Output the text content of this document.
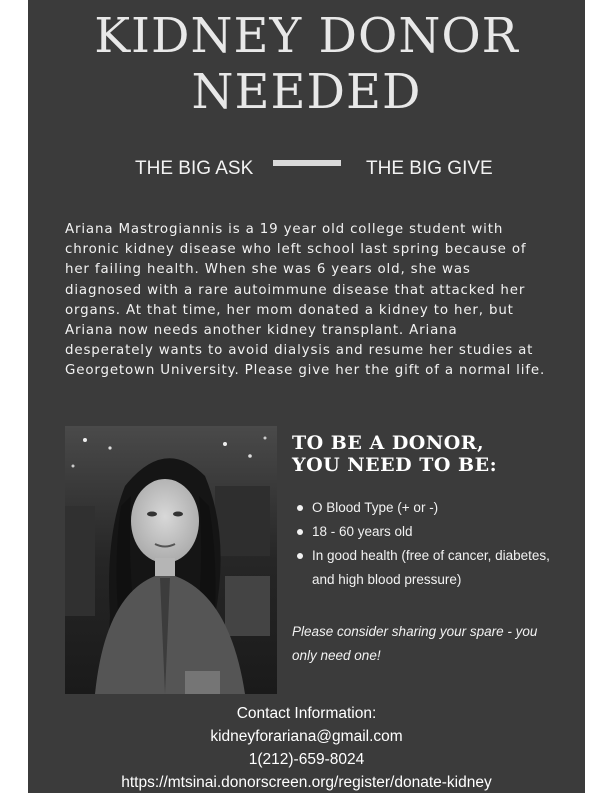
KIDNEY DONOR
NEEDED
THE BIG ASK	THE BIG GIVE

Ariana Mastrogiannis is a 19 year old college student with chronic kidney disease who left school last spring because of her failing health. When she was 6 years old, she was diagnosed with a rare autoimmune disease that attacked her organs. At that time, her mom donated a kidney to her, but Ariana now needs another kidney transplant. Ariana desperately wants to avoid dialysis and resume her studies at Georgetown University. Please give her the gift of a normal life.

TO BE A DONOR,
YOU NEED TO BE:
O Blood Type (+ or -)
18 - 60 years old
In good health (free of cancer, diabetes, and high blood pressure)

Please consider sharing your spare - you only need one!

Contact Information:
kidneyforariana@gmail.com
1(212)-659-8024
https://mtsinai.donorscreen.org/register/donate-kidney
